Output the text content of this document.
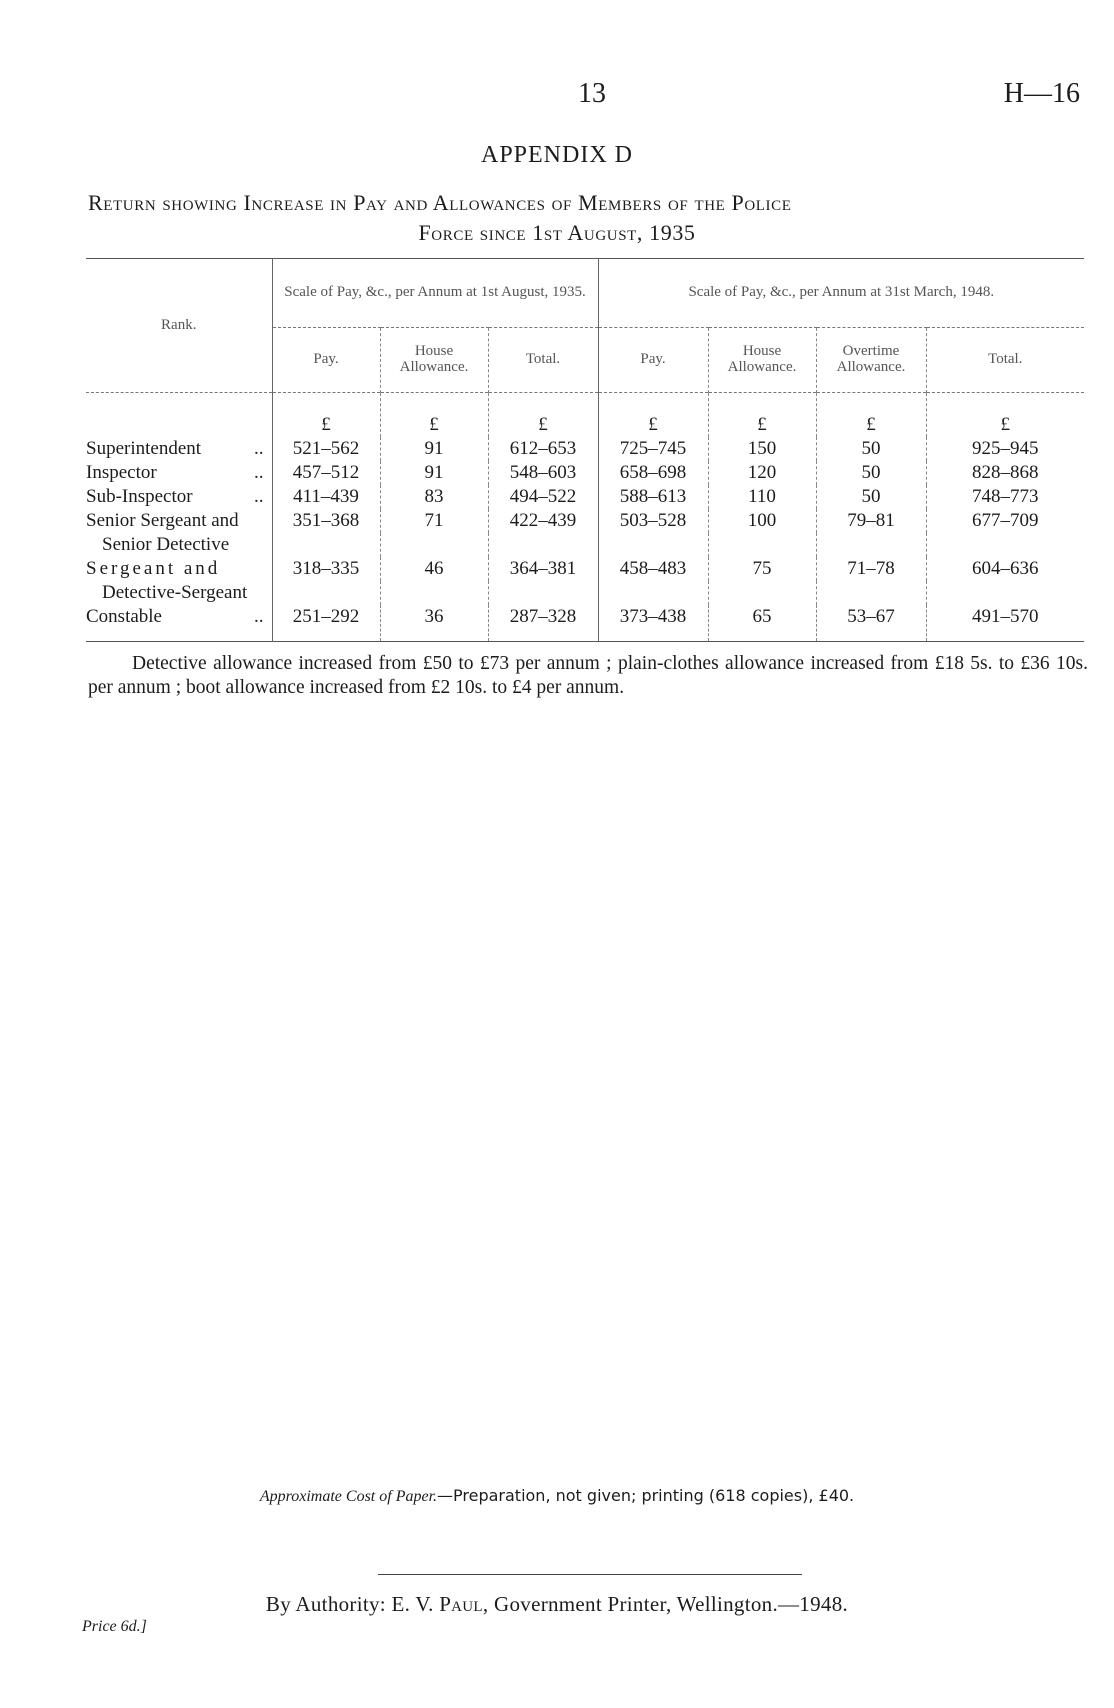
13	H—16
APPENDIX D
Return showing Increase in Pay and Allowances of Members of the Police
Force since 1st August, 1935
Rank.	Scale of Pay, &c., per Annum at 1st August, 1935.			Scale of Pay, &c., per Annum at 31st March, 1948.			
	Pay.	House Allowance.	Total.	Pay.	House Allowance.	Overtime Allowance.	Total.
	£	£	£	£	£	£	£
Superintendent ..	521–562	91	612–653	725–745	150	50	925–945
Inspector ..	457–512	91	548–603	658–698	120	50	828–868
Sub-Inspector ..	411–439	83	494–522	588–613	110	50	748–773
Senior Sergeant and	351–368	71	422–439	503–528	100	79–81	677–709
Senior Detective							
Sergeant and	318–335	46	364–381	458–483	75	71–78	604–636
Detective-Sergeant							
Constable ..	251–292	36	287–328	373–438	65	53–67	491–570
Detective allowance increased from £50 to £73 per annum ; plain-clothes allowance increased from £18 5s. to £36 10s. per annum ; boot allowance increased from £2 10s. to £4 per annum.
Approximate Cost of Paper.—Preparation, not given; printing (618 copies), £40.
By Authority: E. V. Paul, Government Printer, Wellington.—1948.
Price 6d.]
